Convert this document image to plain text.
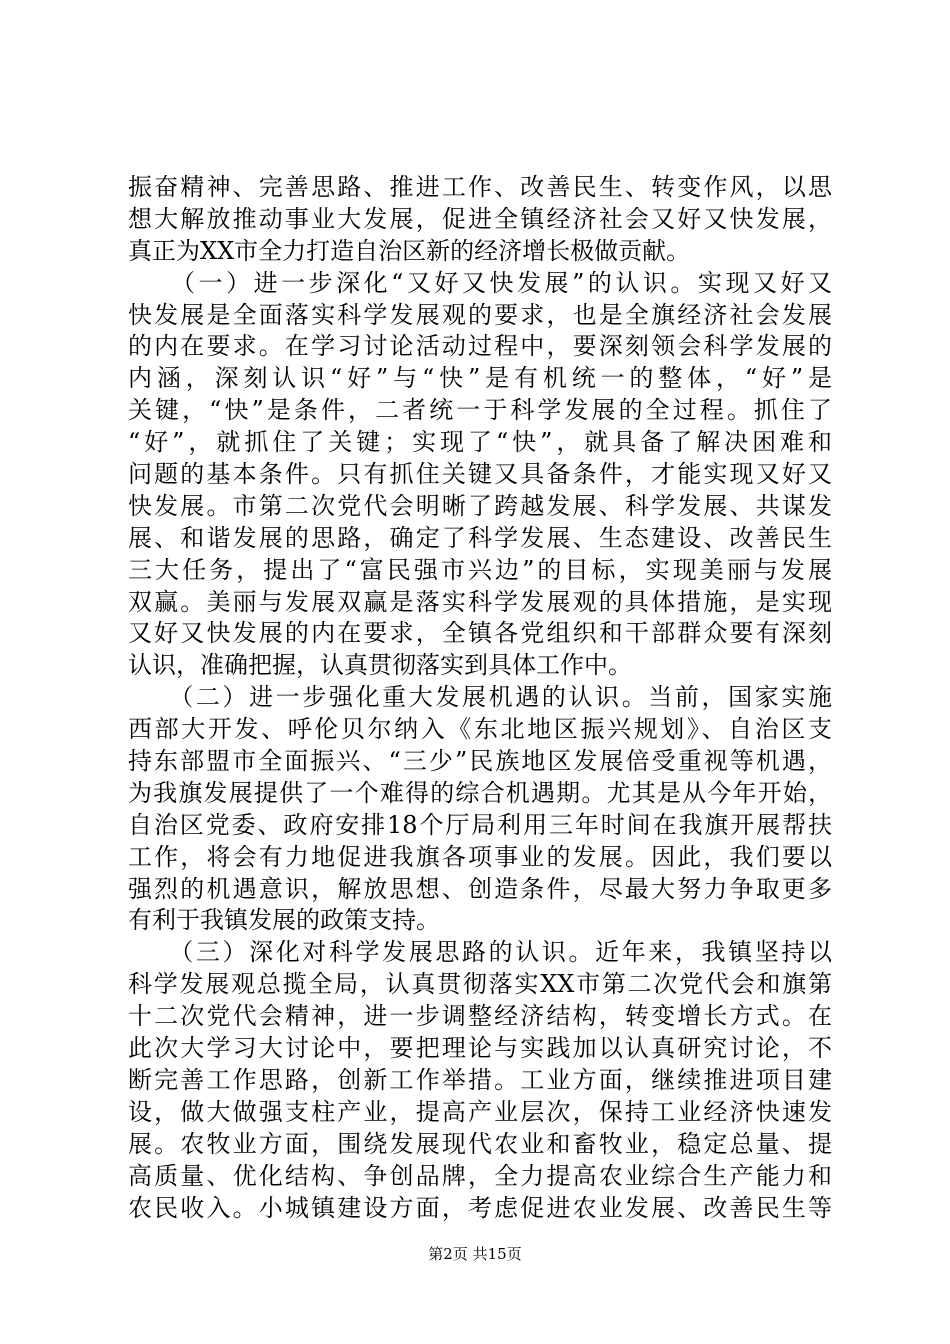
振奋精神、完善思路、推进工作、改善民生、转变作风，以思
想大解放推动事业大发展，促进全镇经济社会又好又快发展，
真正为XX市全力打造自治区新的经济增长极做贡献。
　　（一）进一步深化“又好又快发展”的认识。实现又好又
快发展是全面落实科学发展观的要求，也是全旗经济社会发展
的内在要求。在学习讨论活动过程中，要深刻领会科学发展的
内涵，深刻认识“好”与“快”是有机统一的整体，“好”是
关键，“快”是条件，二者统一于科学发展的全过程。抓住了
“好”，就抓住了关键；实现了“快”，就具备了解决困难和
问题的基本条件。只有抓住关键又具备条件，才能实现又好又
快发展。市第二次党代会明晰了跨越发展、科学发展、共谋发
展、和谐发展的思路，确定了科学发展、生态建设、改善民生
三大任务，提出了“富民强市兴边”的目标，实现美丽与发展
双赢。美丽与发展双赢是落实科学发展观的具体措施，是实现
又好又快发展的内在要求，全镇各党组织和干部群众要有深刻
认识，准确把握，认真贯彻落实到具体工作中。
　　（二）进一步强化重大发展机遇的认识。当前，国家实施
西部大开发、呼伦贝尔纳入《东北地区振兴规划》、自治区支
持东部盟市全面振兴、“三少”民族地区发展倍受重视等机遇，
为我旗发展提供了一个难得的综合机遇期。尤其是从今年开始，
自治区党委、政府安排18个厅局利用三年时间在我旗开展帮扶
工作，将会有力地促进我旗各项事业的发展。因此，我们要以
强烈的机遇意识，解放思想、创造条件，尽最大努力争取更多
有利于我镇发展的政策支持。
　　（三）深化对科学发展思路的认识。近年来，我镇坚持以
科学发展观总揽全局，认真贯彻落实XX市第二次党代会和旗第
十二次党代会精神，进一步调整经济结构，转变增长方式。在
此次大学习大讨论中，要把理论与实践加以认真研究讨论，不
断完善工作思路，创新工作举措。工业方面，继续推进项目建
设，做大做强支柱产业，提高产业层次，保持工业经济快速发
展。农牧业方面，围绕发展现代农业和畜牧业，稳定总量、提
高质量、优化结构、争创品牌，全力提高农业综合生产能力和
农民收入。小城镇建设方面，考虑促进农业发展、改善民生等
第2页 共15页
